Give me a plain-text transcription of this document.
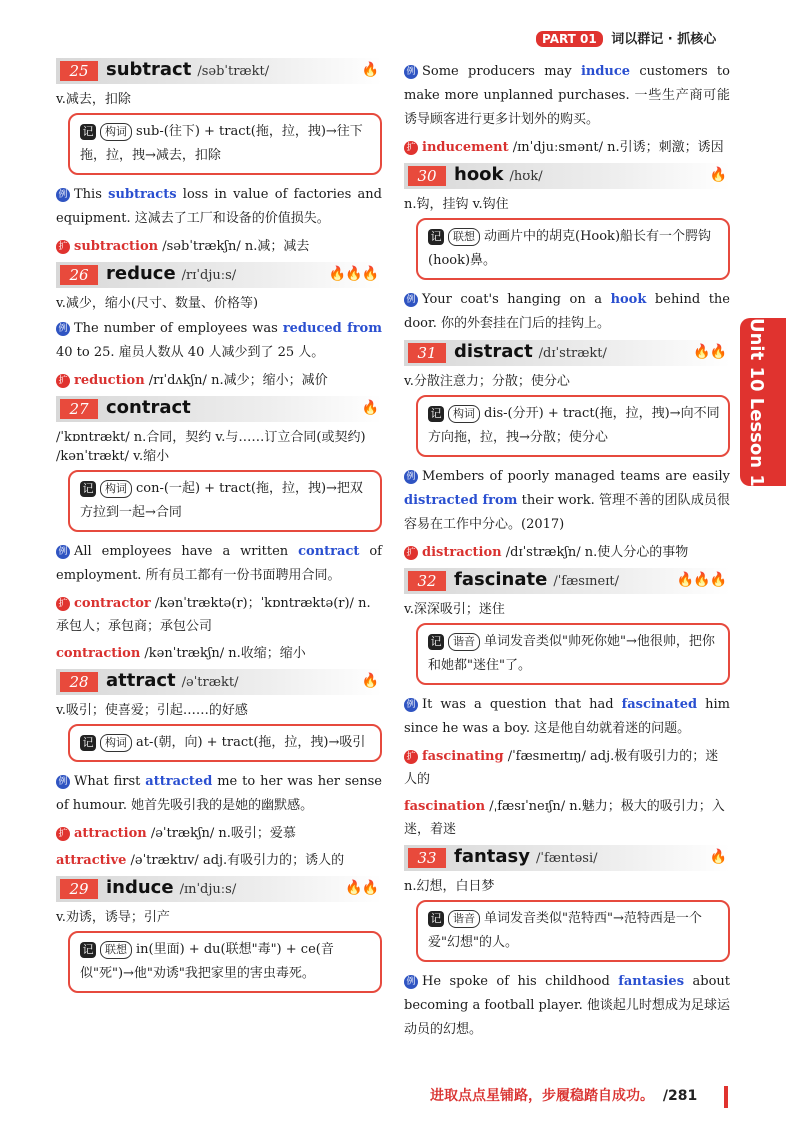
PART 01 词以群记 · 抓核心
25 subtract /səbˈtrækt/	🔥
v.减去，扣除
记 构词 sub-(往下) + tract(拖，拉，拽)→往下拖，拉，拽→减去，扣除
例 This subtracts loss in value of factories and equipment. 这减去了工厂和设备的价值损失。
扩 subtraction /səbˈtrækʃn/ n.减；减去
26 reduce /rɪˈdjuːs/	🔥🔥🔥
v.减少，缩小(尺寸、数量、价格等)
例 The number of employees was reduced from 40 to 25. 雇员人数从 40 人减少到了 25 人。
扩 reduction /rɪˈdʌkʃn/ n.减少；缩小；减价
27 contract	🔥
/ˈkɒntrækt/ n.合同，契约 v.与……订立合同(或契约) /kənˈtrækt/ v.缩小
记 构词 con-(一起) + tract(拖，拉，拽)→把双方拉到一起→合同
例 All employees have a written contract of employment. 所有员工都有一份书面聘用合同。
扩 contractor /kənˈtræktə(r)；ˈkɒntræktə(r)/ n.承包人；承包商；承包公司
contraction /kənˈtrækʃn/ n.收缩；缩小
28 attract /əˈtrækt/	🔥
v.吸引；使喜爱；引起……的好感
记 构词 at-(朝，向) + tract(拖，拉，拽)→吸引
例 What first attracted me to her was her sense of humour. 她首先吸引我的是她的幽默感。
扩 attraction /əˈtrækʃn/ n.吸引；爱慕
attractive /əˈtræktɪv/ adj.有吸引力的；诱人的
29 induce /ɪnˈdjuːs/	🔥🔥
v.劝诱，诱导；引产
记 联想 in(里面) + du(联想"毒") + ce(音似"死")→他"劝诱"我把家里的害虫毒死。
例 Some producers may induce customers to make more unplanned purchases. 一些生产商可能诱导顾客进行更多计划外的购买。
扩 inducement /ɪnˈdjuːsmənt/ n.引诱；刺激；诱因
30 hook /hʊk/	🔥
n.钩，挂钩 v.钩住
记 联想 动画片中的胡克(Hook)船长有一个腭钩(hook)鼻。
例 Your coat's hanging on a hook behind the door. 你的外套挂在门后的挂钩上。
31 distract /dɪˈstrækt/	🔥🔥
v.分散注意力；分散；使分心
记 构词 dis-(分开) + tract(拖，拉，拽)→向不同方向拖，拉，拽→分散；使分心
例 Members of poorly managed teams are easily distracted from their work. 管理不善的团队成员很容易在工作中分心。(2017)
扩 distraction /dɪˈstrækʃn/ n.使人分心的事物
32 fascinate /ˈfæsɪneɪt/	🔥🔥🔥
v.深深吸引；迷住
记 谐音 单词发音类似"帅死你她"→他很帅，把你和她都"迷住"了。
例 It was a question that had fascinated him since he was a boy. 这是他自幼就着迷的问题。
扩 fascinating /ˈfæsɪneɪtɪŋ/ adj.极有吸引力的；迷人的
fascination /ˌfæsɪˈneɪʃn/ n.魅力；极大的吸引力；入迷，着迷
33 fantasy /ˈfæntəsi/	🔥
n.幻想，白日梦
记 谐音 单词发音类似"范特西"→范特西是一个爱"幻想"的人。
例 He spoke of his childhood fantasies about becoming a football player. 他谈起儿时想成为足球运动员的幻想。
Unit 10 Lesson 1
进取点点星铺路，步履稳踏自成功。 /281
